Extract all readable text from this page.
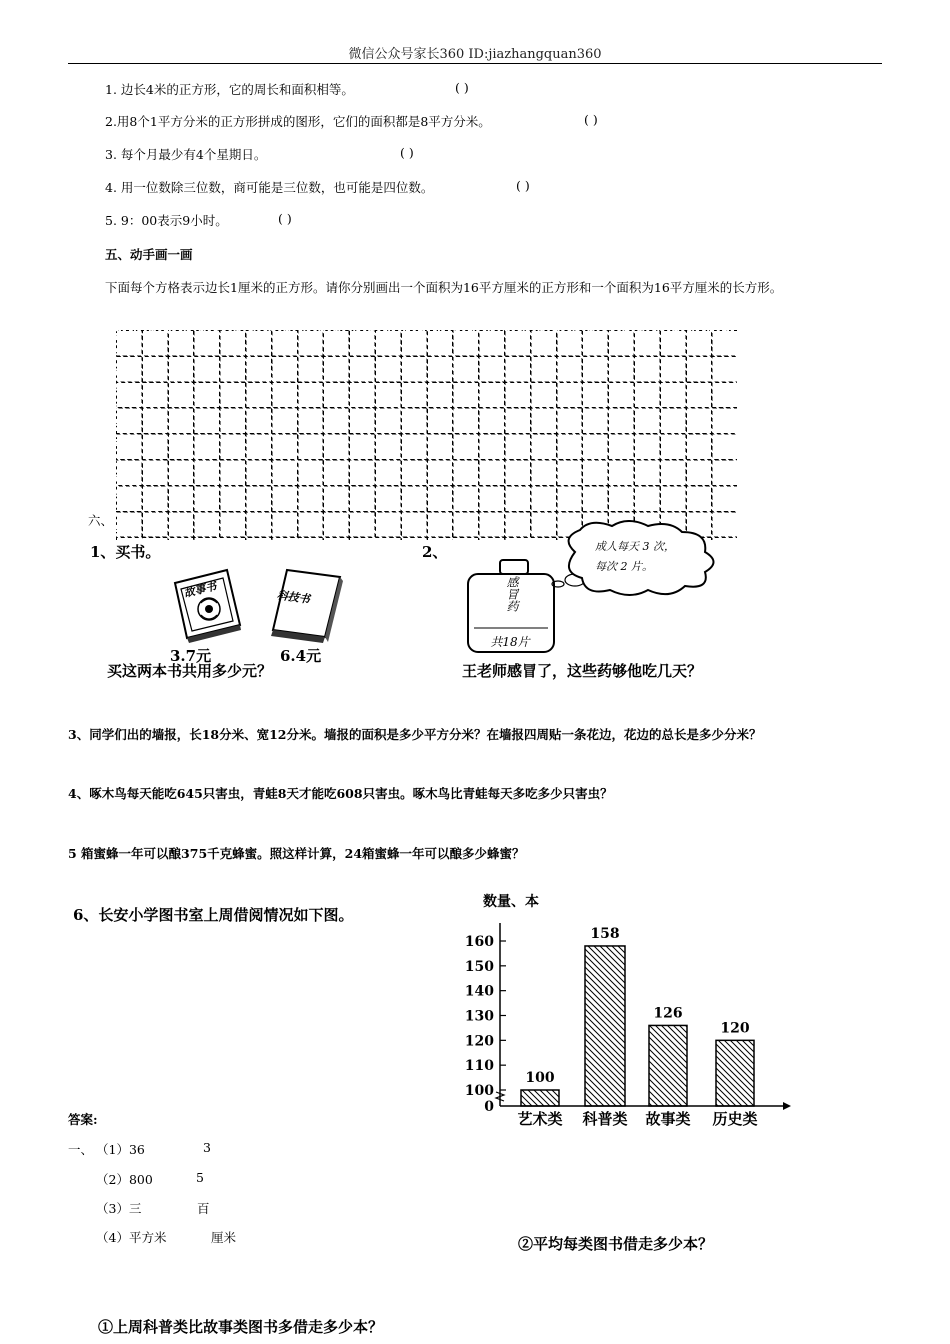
微信公众号家长360 ID:jiazhangquan360
1. 边长4米的正方形，它的周长和面积相等。	( )
2.用8个1平方分米的正方形拼成的图形，它们的面积都是8平方分米。	( )
3. 每个月最少有4个星期日。	( )
4. 用一位数除三位数，商可能是三位数，也可能是四位数。	( )
5. 9：00表示9小时。	( )
五、动手画一画
下面每个方格表示边长1厘米的正方形。请你分别画出一个面积为16平方厘米的正方形和一个面积为16平方厘米的长方形。
六、
1、买书。
故事书
3.7元
科技书
6.4元
买这两本书共用多少元？
2、
感冒药
共18片
成人每天 3 次，
每次 2 片。
王老师感冒了，这些药够他吃几天？
3、同学们出的墙报，长18分米、宽12分米。墙报的面积是多少平方分米？在墙报四周贴一条花边，花边的总长是多少分米？
4、啄木鸟每天能吃645只害虫，青蛙8天才能吃608只害虫。啄木鸟比青蛙每天多吃多少只害虫？
5 箱蜜蜂一年可以酿375千克蜂蜜。照这样计算，24箱蜜蜂一年可以酿多少蜂蜜？
6、长安小学图书室上周借阅情况如下图。
数量、本
0
100
110
120
130
140
150
160
100
艺术类
158
科普类
126
故事类
120
历史类
答案:
一、 （1）36	3
（2）800	5
（3）三	百
（4）平方米	厘米	②平均每类图书借走多少本？
①上周科普类比故事类图书多借走多少本？
